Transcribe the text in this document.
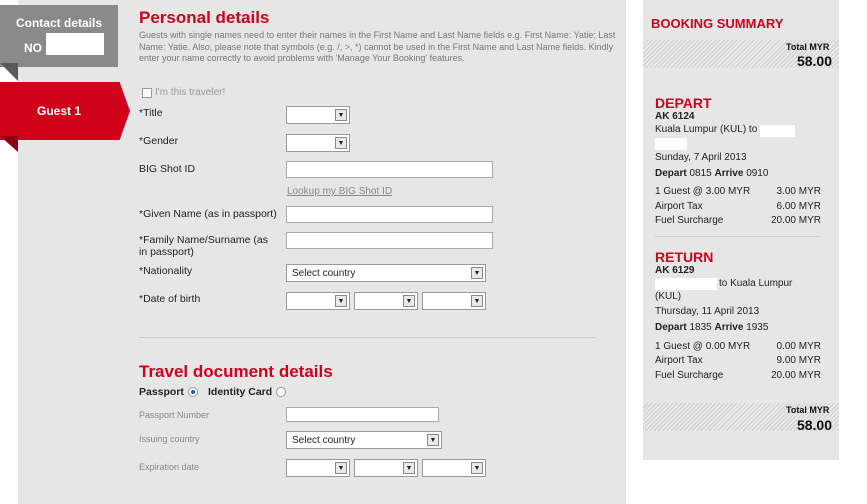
Contact details
NO
Guest 1
Personal details
Guests with single names need to enter their names in the First Name and Last Name fields e.g. First Name: Yatie; Last Name: Yatie. Also, please note that symbols (e.g. /, >, *) cannot be used in the First Name and Last Name fields. Kindly enter your name correctly to avoid problems with 'Manage Your Booking' features.
I'm this traveler!
*Title	▼
*Gender	▼
BIG Shot ID
Lookup my BIG Shot ID
*Given Name (as in passport)
*Family Name/Surname (as in passport)
*Nationality	Select country	▼
*Date of birth	▼	▼	▼
Travel document details
Passport Identity Card
Passport Number
Issuing country	Select country	▼
Expiration date	▼	▼	▼
BOOKING SUMMARY
Total MYR
58.00
DEPART
AK 6124
Kuala Lumpur (KUL) to
Sunday, 7 April 2013
Depart 0815 Arrive 0910
1 Guest @ 3.00 MYR	3.00 MYR
Airport Tax	6.00 MYR
Fuel Surcharge	20.00 MYR
RETURN
AK 6129
to Kuala Lumpur
(KUL)
Thursday, 11 April 2013
Depart 1835 Arrive 1935
1 Guest @ 0.00 MYR	0.00 MYR
Airport Tax	9.00 MYR
Fuel Surcharge	20.00 MYR
Total MYR
58.00
